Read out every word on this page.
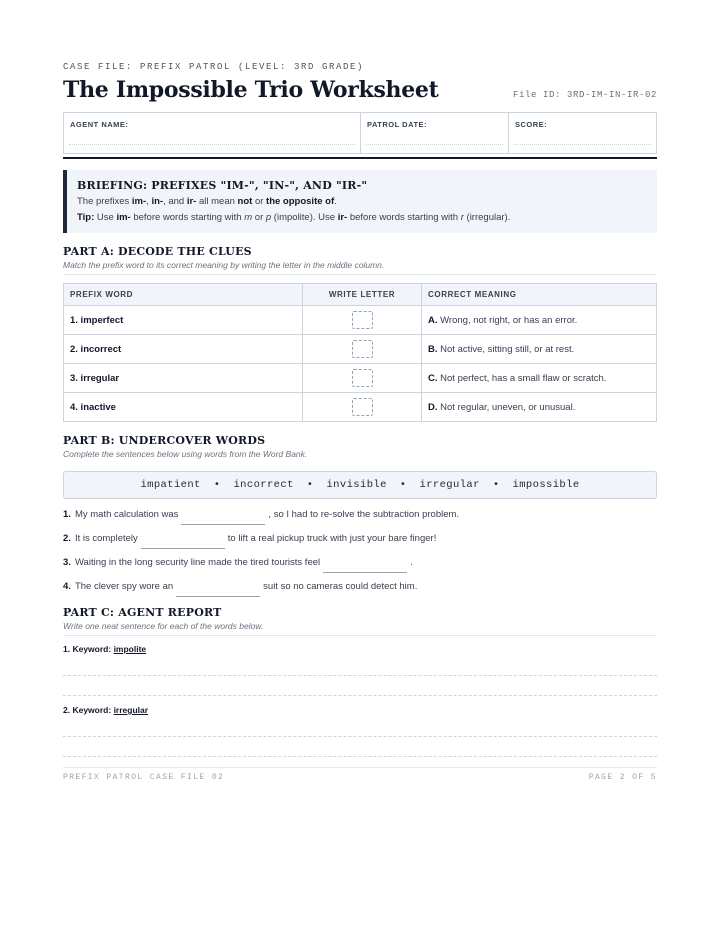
CASE FILE: PREFIX PATROL (LEVEL: 3RD GRADE)
The Impossible Trio Worksheet	File ID: 3RD-IM-IN-IR-02
AGENT NAME:	PATROL DATE:	SCORE:
BRIEFING: PREFIXES "IM-", "IN-", AND "IR-"

The prefixes im-, in-, and ir- all mean not or the opposite of.

Tip: Use im- before words starting with m or p (impolite). Use ir- before words starting with r (irregular).

PART A: DECODE THE CLUES
Match the prefix word to its correct meaning by writing the letter in the middle column.
PREFIX WORD	WRITE LETTER	CORRECT MEANING
1. imperfect		A. Wrong, not right, or has an error.
2. incorrect		B. Not active, sitting still, or at rest.
3. irregular		C. Not perfect, has a small flaw or scratch.
4. inactive		D. Not regular, uneven, or unusual.
PART B: UNDERCOVER WORDS
Complete the sentences below using words from the Word Bank.
impatient • incorrect • invisible • irregular • impossible
1. My math calculation was	, so I had to re-solve the subtraction problem.
2. It is completely	to lift a real pickup truck with just your bare finger!
3. Waiting in the long security line made the tired tourists feel	.
4. The clever spy wore an	suit so no cameras could detect him.
PART C: AGENT REPORT
Write one neat sentence for each of the words below.
1. Keyword: impolite
2. Keyword: irregular
PREFIX PATROL CASE FILE 02	PAGE 2 OF 5
